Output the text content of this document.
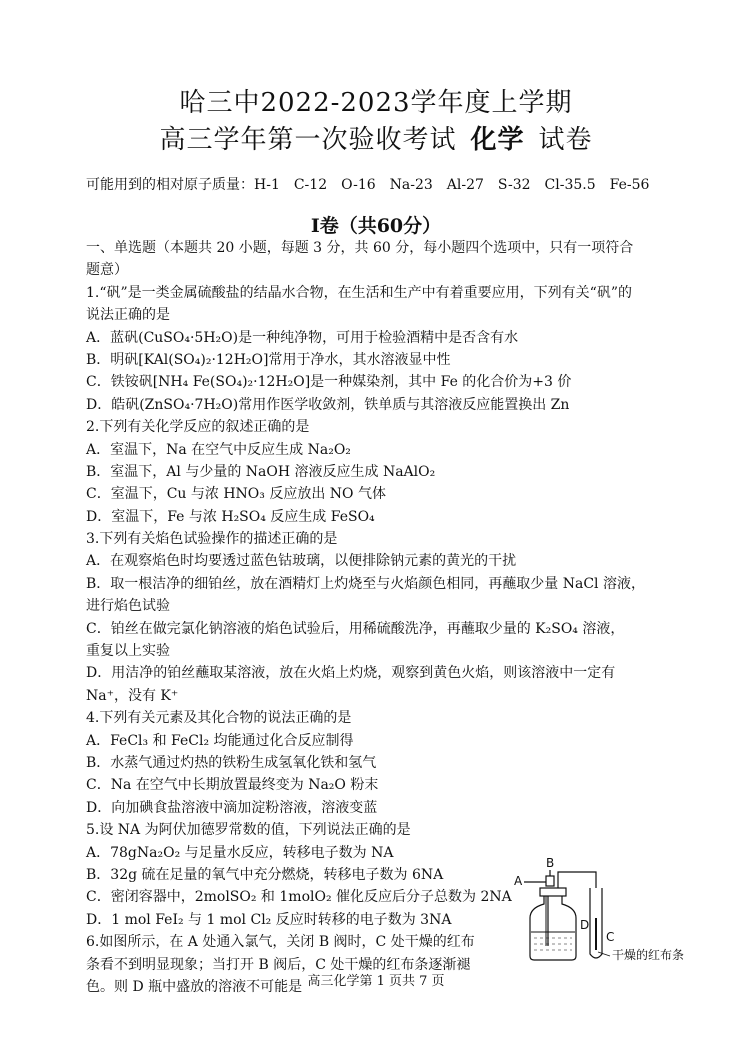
哈三中2022-2023学年度上学期
高三学年第一次验收考试 化学 试卷
可能用到的相对原子质量：H-1　C-12　O-16　Na-23　Al-27　S-32　Cl-35.5　Fe-56
Ⅰ卷（共60分）
一、单选题（本题共 20 小题，每题 3 分，共 60 分，每小题四个选项中，只有一项符合
题意）
1.“矾”是一类金属硫酸盐的结晶水合物，在生活和生产中有着重要应用，下列有关“矾”的
说法正确的是
A．蓝矾(CuSO₄·5H₂O)是一种纯净物，可用于检验酒精中是否含有水
B．明矾[KAl(SO₄)₂·12H₂O]常用于净水，其水溶液显中性
C．铁铵矾[NH₄ Fe(SO₄)₂·12H₂O]是一种媒染剂，其中 Fe 的化合价为+3 价
D．皓矾(ZnSO₄·7H₂O)常用作医学收敛剂，铁单质与其溶液反应能置换出 Zn
2.下列有关化学反应的叙述正确的是
A．室温下，Na 在空气中反应生成 Na₂O₂
B．室温下，Al 与少量的 NaOH 溶液反应生成 NaAlO₂
C．室温下，Cu 与浓 HNO₃ 反应放出 NO 气体
D．室温下，Fe 与浓 H₂SO₄ 反应生成 FeSO₄
3.下列有关焰色试验操作的描述正确的是
A．在观察焰色时均要透过蓝色钴玻璃，以便排除钠元素的黄光的干扰
B．取一根洁净的细铂丝，放在酒精灯上灼烧至与火焰颜色相同，再蘸取少量 NaCl 溶液，
进行焰色试验
C．铂丝在做完氯化钠溶液的焰色试验后，用稀硫酸洗净，再蘸取少量的 K₂SO₄ 溶液，
重复以上实验
D．用洁净的铂丝蘸取某溶液，放在火焰上灼烧，观察到黄色火焰，则该溶液中一定有
Na⁺，没有 K⁺
4.下列有关元素及其化合物的说法正确的是
A．FeCl₃ 和 FeCl₂ 均能通过化合反应制得
B．水蒸气通过灼热的铁粉生成氢氧化铁和氢气
C．Na 在空气中长期放置最终变为 Na₂O 粉末
D．向加碘食盐溶液中滴加淀粉溶液，溶液变蓝
5.设 NA 为阿伏加德罗常数的值，下列说法正确的是
A．78gNa₂O₂ 与足量水反应，转移电子数为 NA
B．32g 硫在足量的氧气中充分燃烧，转移电子数为 6NA
C．密闭容器中，2molSO₂ 和 1molO₂ 催化反应后分子总数为 2NA
D．1 mol FeI₂ 与 1 mol Cl₂ 反应时转移的电子数为 3NA
6.如图所示，在 A 处通入氯气，关闭 B 阀时，C 处干燥的红布
条看不到明显现象；当打开 B 阀后，C 处干燥的红布条逐渐褪
色。则 D 瓶中盛放的溶液不可能是
A
B
D
C
干燥的红布条
高三化学第 1 页共 7 页
